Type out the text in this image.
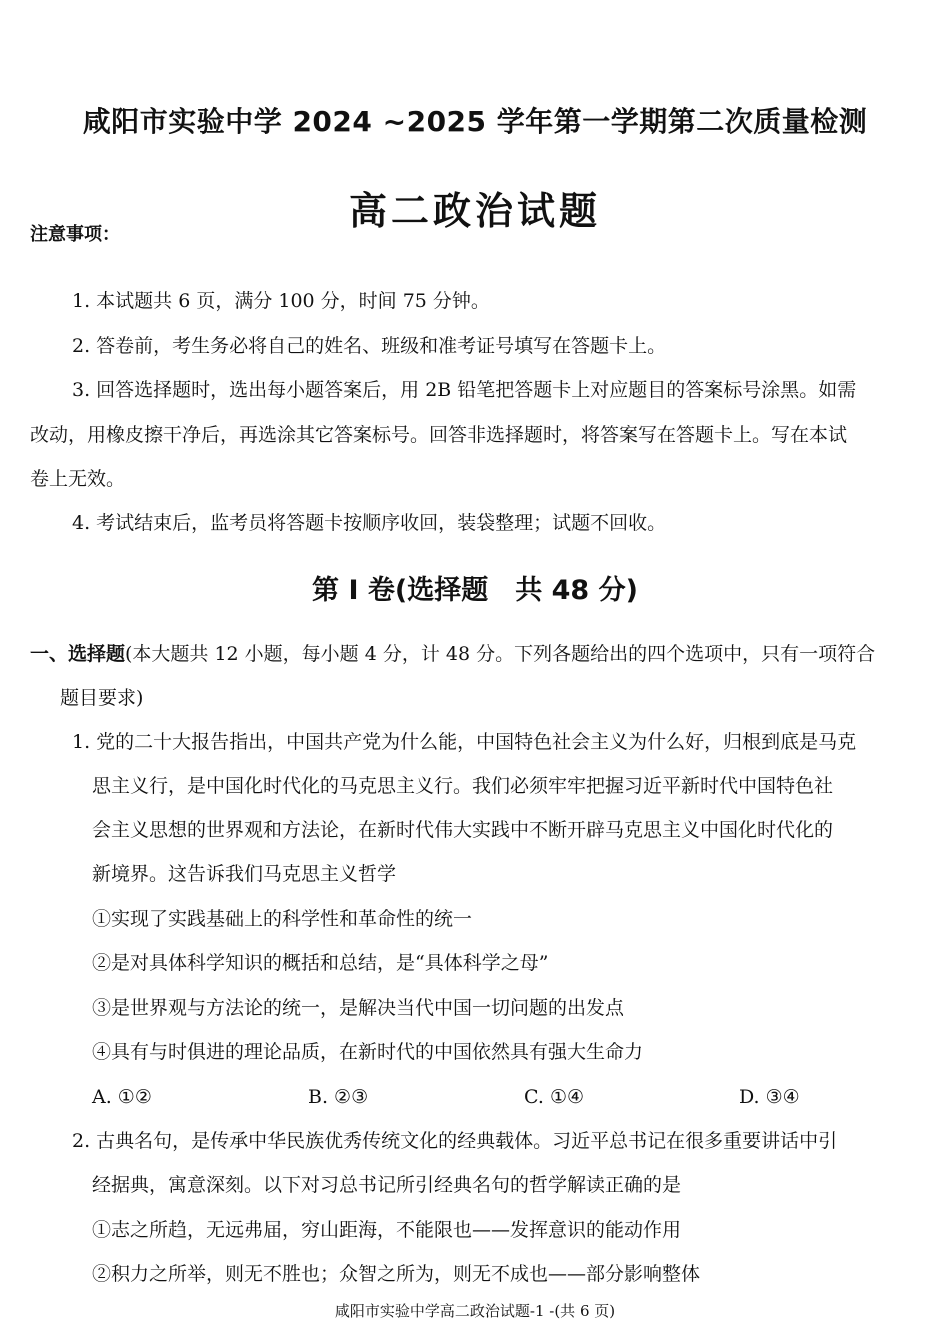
咸阳市实验中学 2024 ~2025 学年第一学期第二次质量检测
高二政治试题
注意事项：
1. 本试题共 6 页，满分 100 分，时间 75 分钟。
2. 答卷前，考生务必将自己的姓名、班级和准考证号填写在答题卡上。
3. 回答选择题时，选出每小题答案后，用 2B 铅笔把答题卡上对应题目的答案标号涂黑。如需
改动，用橡皮擦干净后，再选涂其它答案标号。回答非选择题时，将答案写在答题卡上。写在本试
卷上无效。
4. 考试结束后，监考员将答题卡按顺序收回，装袋整理；试题不回收。
第 Ⅰ 卷(选择题　共 48 分)
一、选择题(本大题共 12 小题，每小题 4 分，计 48 分。下列各题给出的四个选项中，只有一项符合
题目要求)
1. 党的二十大报告指出，中国共产党为什么能，中国特色社会主义为什么好，归根到底是马克
思主义行，是中国化时代化的马克思主义行。我们必须牢牢把握习近平新时代中国特色社
会主义思想的世界观和方法论，在新时代伟大实践中不断开辟马克思主义中国化时代化的
新境界。这告诉我们马克思主义哲学
①实现了实践基础上的科学性和革命性的统一
②是对具体科学知识的概括和总结，是“具体科学之母”
③是世界观与方法论的统一，是解决当代中国一切问题的出发点
④具有与时俱进的理论品质，在新时代的中国依然具有强大生命力
A. ①②	B. ②③	C. ①④	D. ③④
2. 古典名句，是传承中华民族优秀传统文化的经典载体。习近平总书记在很多重要讲话中引
经据典，寓意深刻。以下对习总书记所引经典名句的哲学解读正确的是
①志之所趋，无远弗届，穷山距海，不能限也——发挥意识的能动作用
②积力之所举，则无不胜也；众智之所为，则无不成也——部分影响整体
咸阳市实验中学高二政治试题-1 -(共 6 页)
